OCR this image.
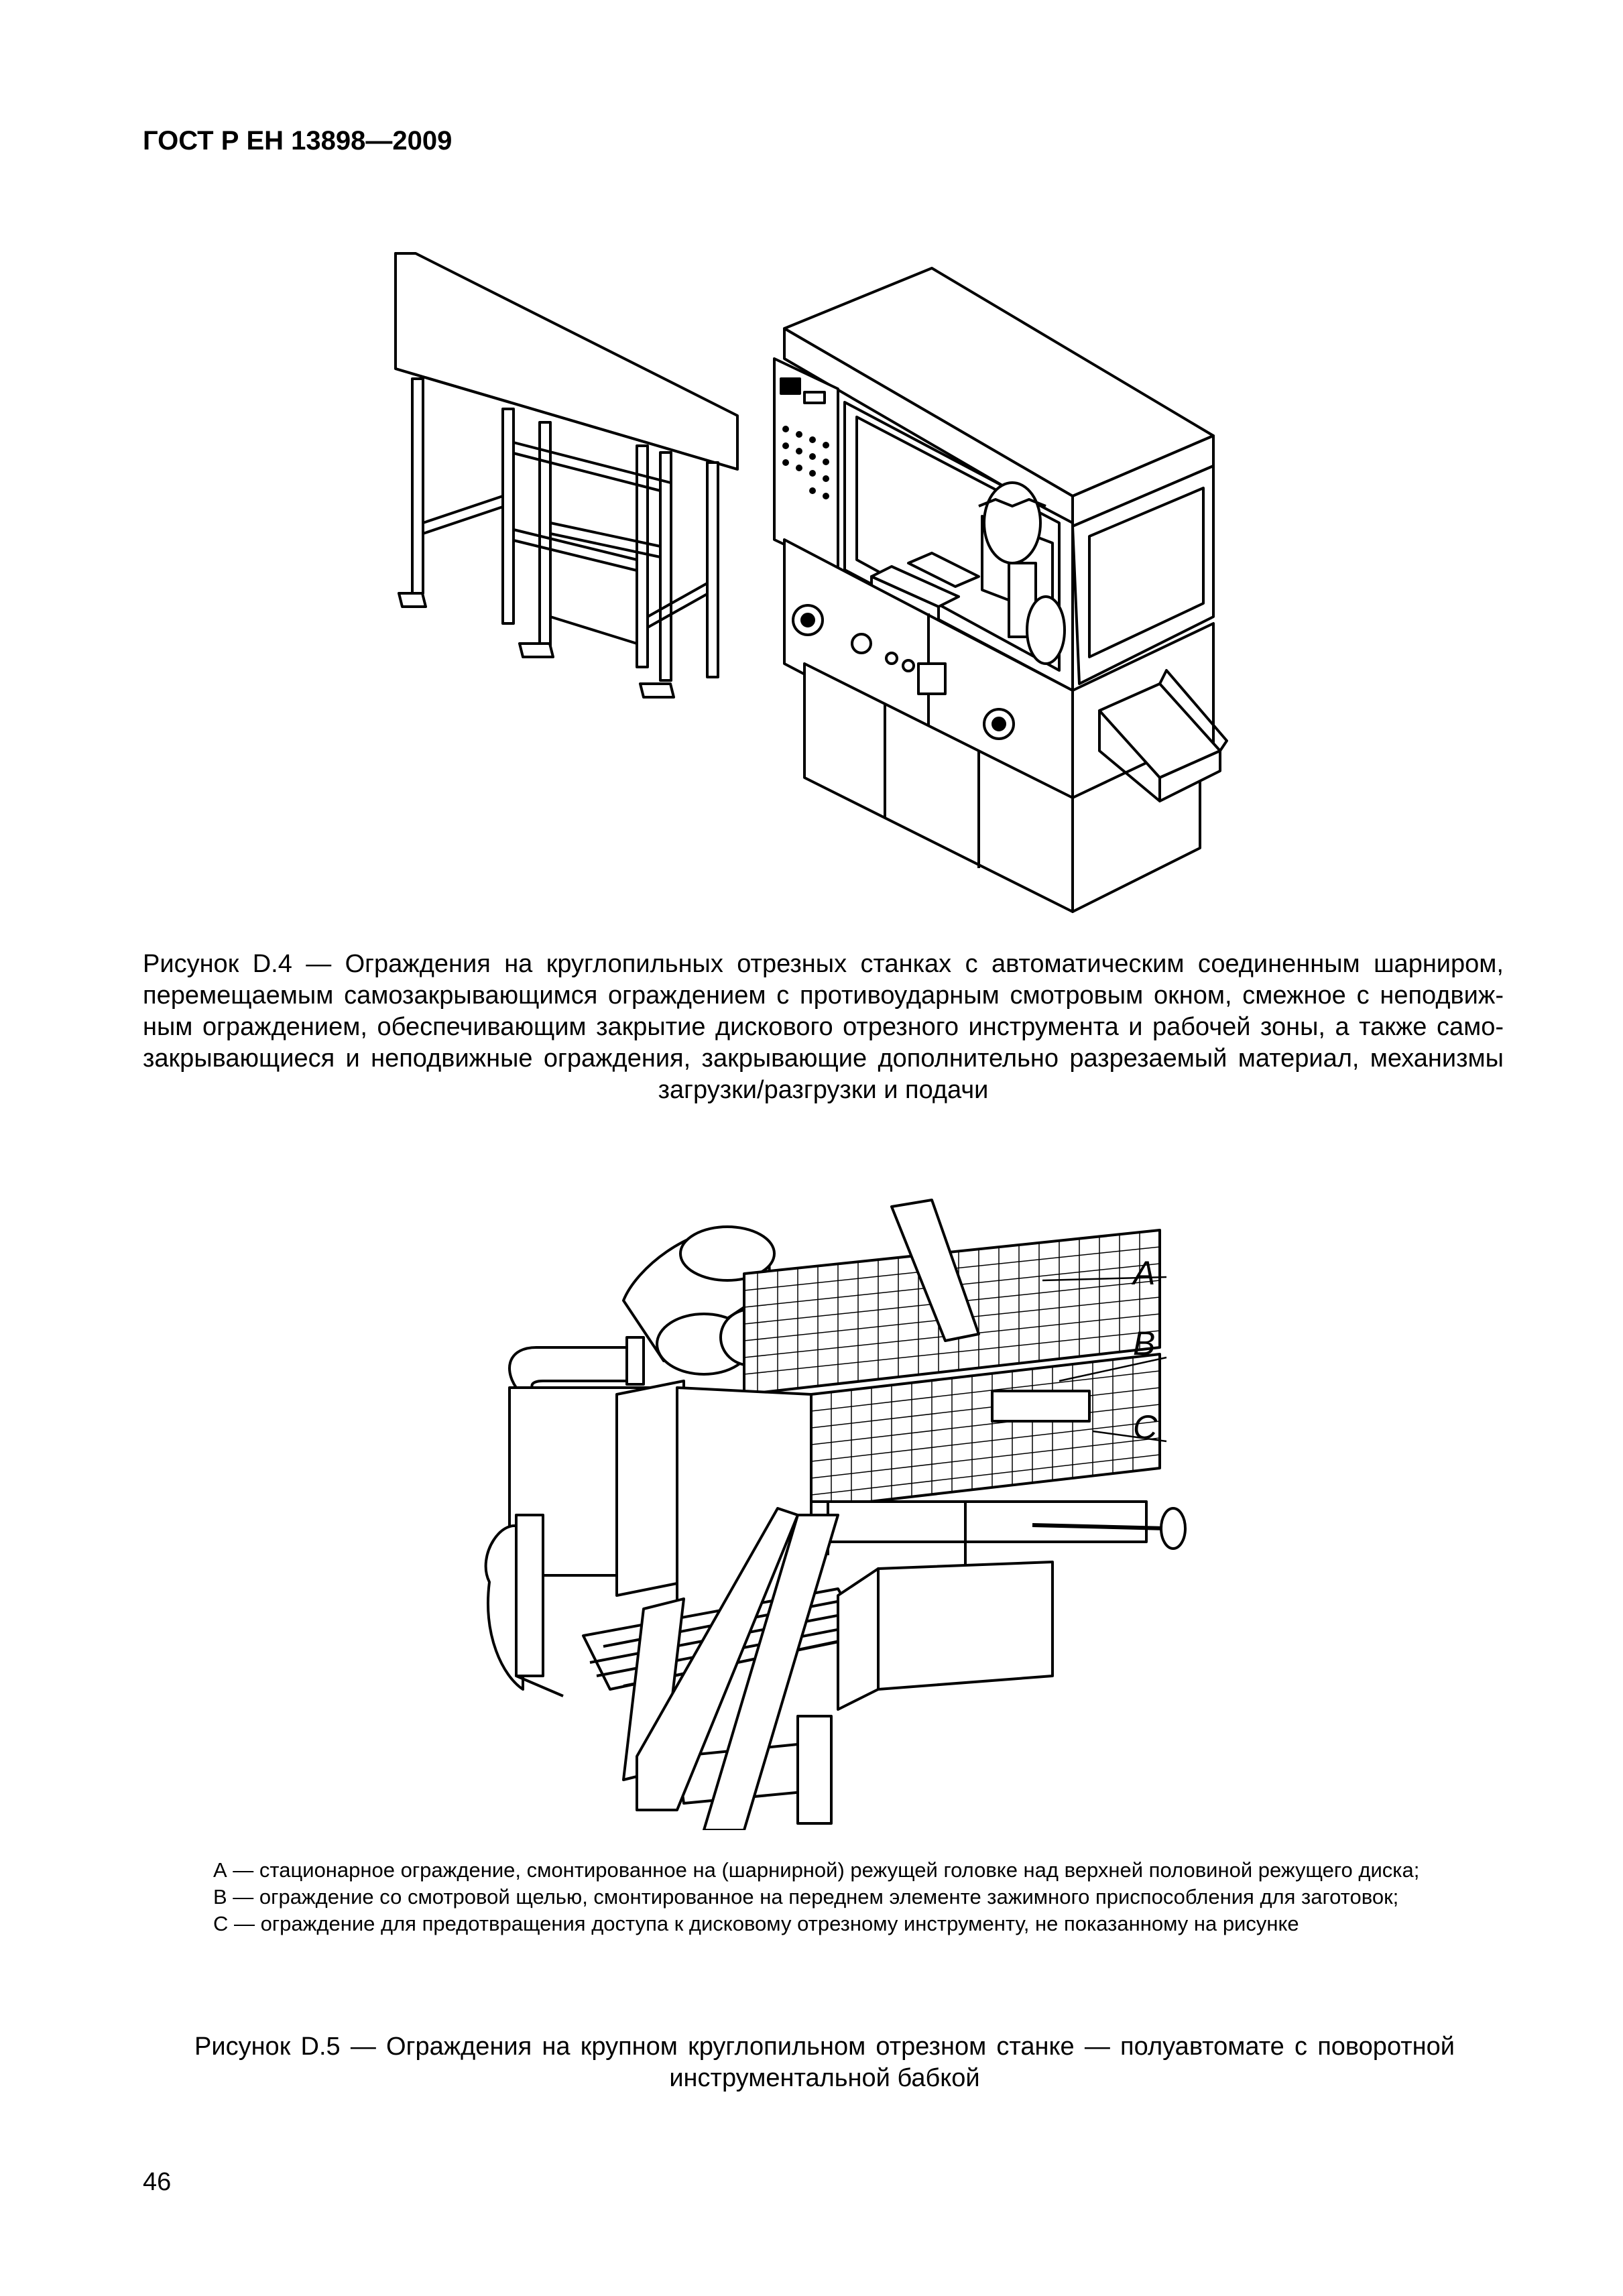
ГОСТ Р ЕН 13898—2009
Рисунок D.4 — Ограждения на круглопильных отрезных станках с автоматическим соединенным шарниром, перемещаемым самозакрывающимся ограждением с противоударным смотровым окном, смежное с неподвиж-ным ограждением, обеспечивающим закрытие дискового отрезного инструмента и рабочей зоны, а также само-закрывающиеся и неподвижные ограждения, закрывающие дополнительно разрезаемый материал, механизмы загрузки/разгрузки и подачи
A
B
C

А — стационарное ограждение, смонтированное на (шарнирной) режущей головке над верхней половиной режущего диска;

В — ограждение со смотровой щелью, смонтированное на переднем элементе зажимного приспособления для заготовок;

С — ограждение для предотвращения доступа к дисковому отрезному инструменту, не показанному на рисунке

Рисунок D.5 — Ограждения на крупном круглопильном отрезном станке — полуавтомате с поворотной инструментальной бабкой
46
